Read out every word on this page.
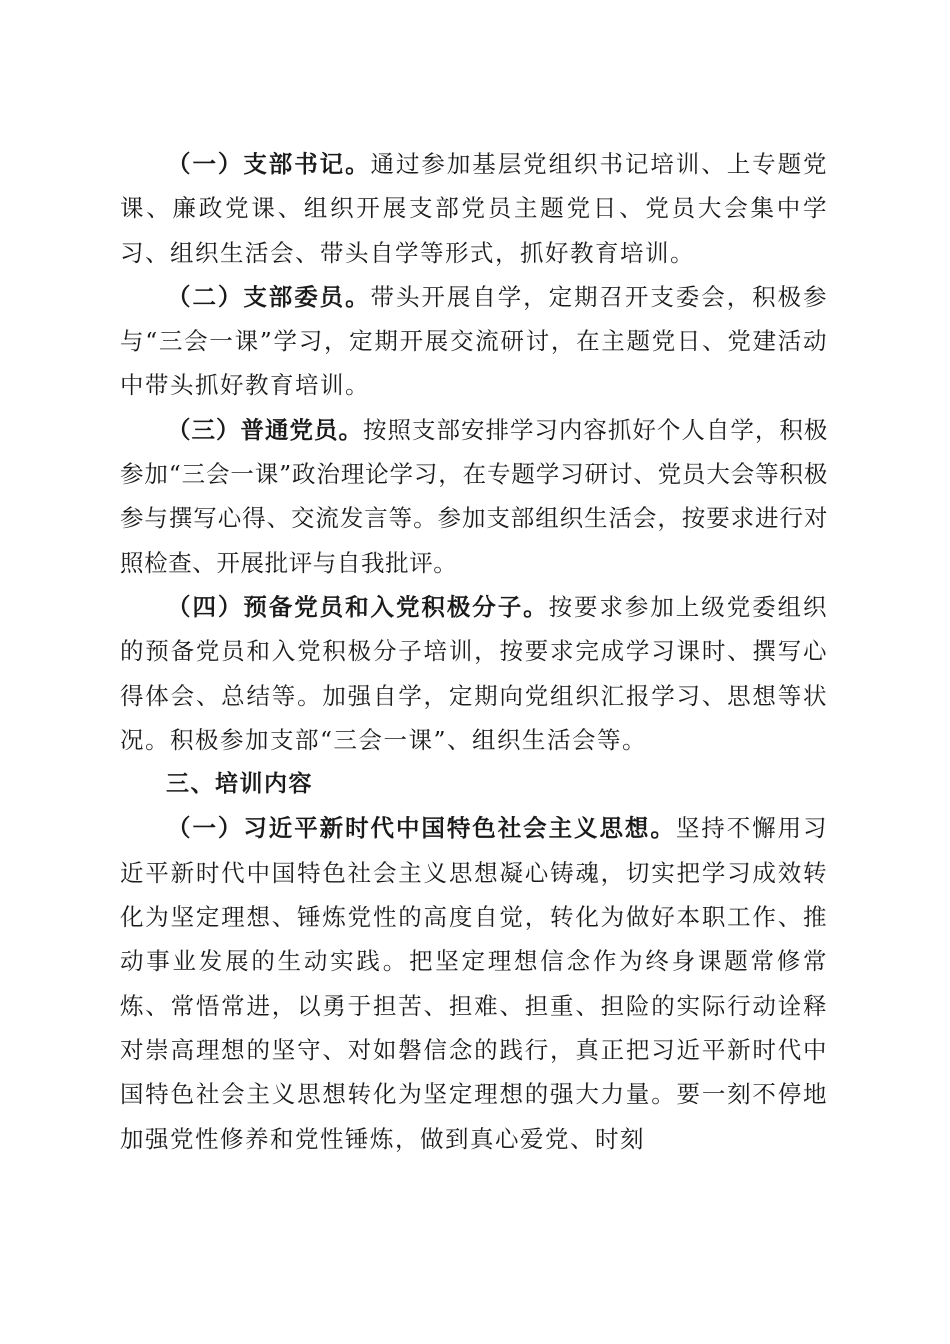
（一）支部书记。通过参加基层党组织书记培训、上专题党课、廉政党课、组织开展支部党员主题党日、党员大会集中学习、组织生活会、带头自学等形式，抓好教育培训。

（二）支部委员。带头开展自学，定期召开支委会，积极参与“三会一课”学习，定期开展交流研讨，在主题党日、党建活动中带头抓好教育培训。

（三）普通党员。按照支部安排学习内容抓好个人自学，积极参加“三会一课”政治理论学习，在专题学习研讨、党员大会等积极参与撰写心得、交流发言等。参加支部组织生活会，按要求进行对照检查、开展批评与自我批评。

（四）预备党员和入党积极分子。按要求参加上级党委组织的预备党员和入党积极分子培训，按要求完成学习课时、撰写心得体会、总结等。加强自学，定期向党组织汇报学习、思想等状况。积极参加支部“三会一课”、组织生活会等。

三、培训内容

（一）习近平新时代中国特色社会主义思想。坚持不懈用习近平新时代中国特色社会主义思想凝心铸魂，切实把学习成效转化为坚定理想、锤炼党性的高度自觉，转化为做好本职工作、推动事业发展的生动实践。把坚定理想信念作为终身课题常修常炼、常悟常进，以勇于担苦、担难、担重、担险的实际行动诠释对崇高理想的坚守、对如磐信念的践行，真正把习近平新时代中国特色社会主义思想转化为坚定理想的强大力量。要一刻不停地加强党性修养和党性锤炼，做到真心爱党、时刻
